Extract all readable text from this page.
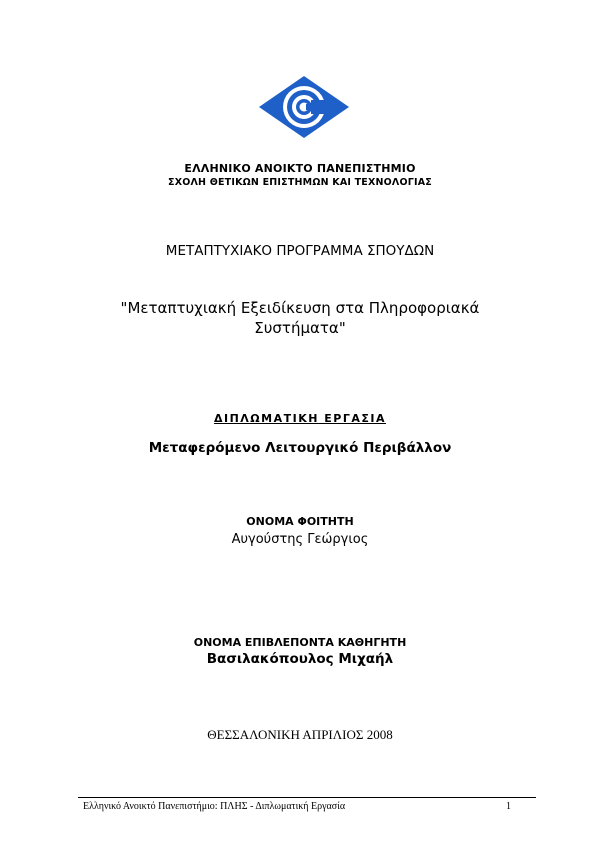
ΕΛΛΗΝΙΚΟ ΑΝΟΙΚΤΟ ΠΑΝΕΠΙΣΤΗΜΙΟ
ΣΧΟΛΗ ΘΕΤΙΚΩΝ ΕΠΙΣΤΗΜΩΝ ΚΑΙ ΤΕΧΝΟΛΟΓΙΑΣ
ΜΕΤΑΠΤΥΧΙΑΚΟ ΠΡΟΓΡΑΜΜΑ ΣΠΟΥΔΩΝ
"Μεταπτυχιακή Εξειδίκευση στα Πληροφοριακά
Συστήματα"
ΔΙΠΛΩΜΑΤΙΚΗ ΕΡΓΑΣΙΑ
Μεταφερόμενο Λειτουργικό Περιβάλλον
ΟΝΟΜΑ ΦΟΙΤΗΤΗ
Αυγούστης Γεώργιος
ΟΝΟΜΑ ΕΠΙΒΛΕΠΟΝΤΑ ΚΑΘΗΓΗΤΗ
Βασιλακόπουλος Μιχαήλ
ΘΕΣΣΑΛΟΝΙΚΗ ΑΠΡΙΛΙΟΣ 2008
Ελληνικό Ανοικτό Πανεπιστήμιο: ΠΛΗΣ - Διπλωματική Εργασία	1
